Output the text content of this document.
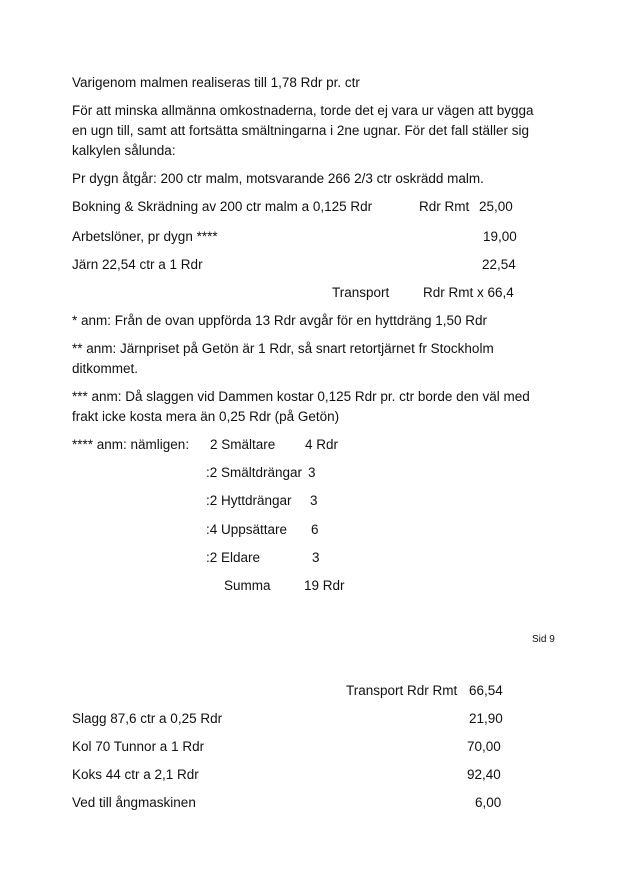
Varigenom malmen realiseras till 1,78 Rdr pr. ctr

För att minska allmänna omkostnaderna, torde det ej vara ur vägen att bygga en ugn till, samt att fortsätta smältningarna i 2ne ugnar. För det fall ställer sig kalkylen sålunda:

Pr dygn åtgår: 200 ctr malm, motsvarande 266 2/3 ctr oskrädd malm.

Bokning & Skrädning av 200 ctr malm a 0,125 Rdr	Rdr Rmt 25,00

Arbetslöner, pr dygn ****	19,00

Järn 22,54 ctr a 1 Rdr	22,54

Transport Rdr Rmt x 66,4

* anm: Från de ovan uppförda 13 Rdr avgår för en hyttdräng 1,50 Rdr

** anm: Järnpriset på Getön är 1 Rdr, så snart retortjärnet fr Stockholm ditkommet.

*** anm: Då slaggen vid Dammen kostar 0,125 Rdr pr. ctr borde den väl med frakt icke kosta mera än 0,25 Rdr (på Getön)

**** anm: nämligen: 2 Smältare 4 Rdr

:2 Smältdrängar 3

:2 Hyttdrängar 3

:4 Uppsättare 6

:2 Eldare	3

Summa 19 Rdr

Sid 9

Transport Rdr Rmt 66,54

Slagg 87,6 ctr a 0,25 Rdr	21,90

Kol 70 Tunnor a 1 Rdr	70,00

Koks 44 ctr a 2,1 Rdr	92,40

Ved till ångmaskinen	6,00
